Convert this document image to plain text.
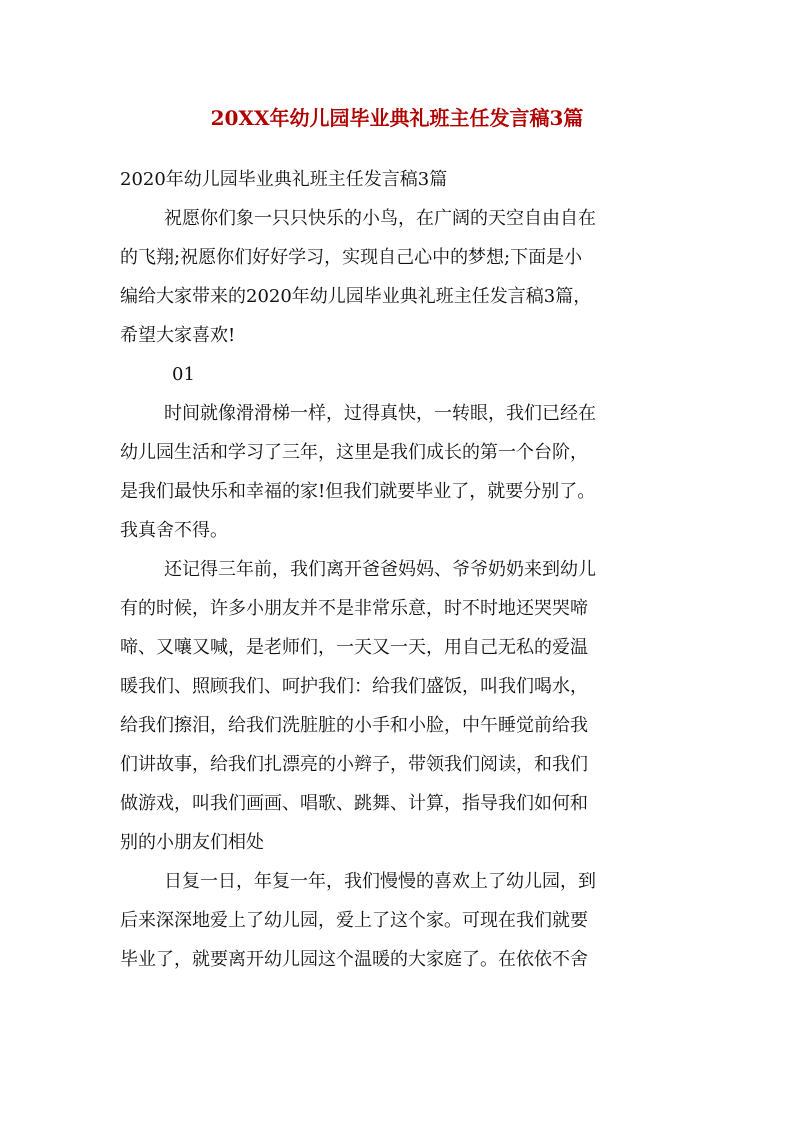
20XX年幼儿园毕业典礼班主任发言稿3篇
2020年幼儿园毕业典礼班主任发言稿3篇
祝愿你们象一只只快乐的小鸟，在广阔的天空自由自在
的飞翔;祝愿你们好好学习，实现自己心中的梦想;下面是小
编给大家带来的2020年幼儿园毕业典礼班主任发言稿3篇，
希望大家喜欢!
01
时间就像滑滑梯一样，过得真快，一转眼，我们已经在
幼儿园生活和学习了三年，这里是我们成长的第一个台阶，
是我们最快乐和幸福的家!但我们就要毕业了，就要分别了。
我真舍不得。
还记得三年前，我们离开爸爸妈妈、爷爷奶奶来到幼儿
有的时候，许多小朋友并不是非常乐意，时不时地还哭哭啼
啼、又嚷又喊，是老师们，一天又一天，用自己无私的爱温
暖我们、照顾我们、呵护我们：给我们盛饭，叫我们喝水，
给我们擦泪，给我们洗脏脏的小手和小脸，中午睡觉前给我
们讲故事，给我们扎漂亮的小辫子，带领我们阅读，和我们
做游戏，叫我们画画、唱歌、跳舞、计算，指导我们如何和
别的小朋友们相处
日复一日，年复一年，我们慢慢的喜欢上了幼儿园，到
后来深深地爱上了幼儿园，爱上了这个家。可现在我们就要
毕业了，就要离开幼儿园这个温暖的大家庭了。在依依不舍
